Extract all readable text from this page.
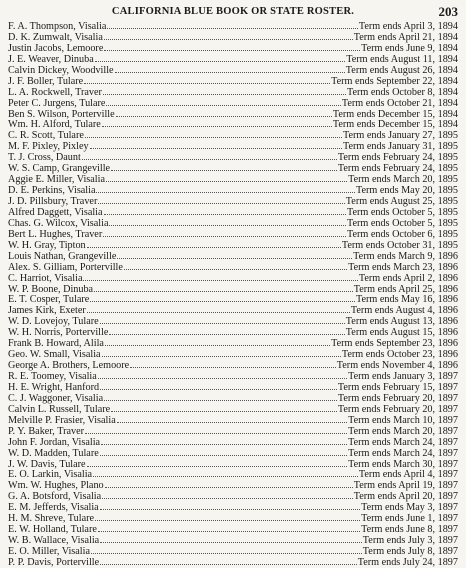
CALIFORNIA BLUE BOOK OR STATE ROSTER.	203
F. A. Thompson, Visalia	Term ends April 3, 1894
D. K. Zumwalt, Visalia	Term ends April 21, 1894
Justin Jacobs, Lemoore	Term ends June 9, 1894
J. E. Weaver, Dinuba	Term ends August 11, 1894
Calvin Dickey, Woodville	Term ends August 26, 1894
J. F. Boller, Tulare	Term ends September 22, 1894
L. A. Rockwell, Traver	Term ends October 8, 1894
Peter C. Jurgens, Tulare	Term ends October 21, 1894
Ben S. Wilson, Porterville	Term ends December 15, 1894
Wm. H. Alford, Tulare	Term ends December 15, 1894
C. R. Scott, Tulare	Term ends January 27, 1895
M. F. Pixley, Pixley	Term ends January 31, 1895
T. J. Cross, Daunt	Term ends February 24, 1895
W. S. Camp, Grangeville	Term ends February 24, 1895
Aggie E. Miller, Visalia	Term ends March 20, 1895
D. E. Perkins, Visalia	Term ends May 20, 1895
J. D. Pillsbury, Traver	Term ends August 25, 1895
Alfred Daggett, Visalia	Term ends October 5, 1895
Chas. G. Wilcox, Visalia	Term ends October 5, 1895
Bert L. Hughes, Traver	Term ends October 6, 1895
W. H. Gray, Tipton	Term ends October 31, 1895
Louis Nathan, Grangeville	Term ends March 9, 1896
Alex. S. Gilliam, Porterville	Term ends March 23, 1896
C. Harriot, Visalia	Term ends April 2, 1896
W. P. Boone, Dinuba	Term ends April 25, 1896
E. T. Cosper, Tulare	Term ends May 16, 1896
James Kirk, Exeter	Term ends August 4, 1896
W. D. Lovejoy, Tulare	Term ends August 13, 1896
W. H. Norris, Porterville	Term ends August 15, 1896
Frank B. Howard, Alila	Term ends September 23, 1896
Geo. W. Small, Visalia	Term ends October 23, 1896
George A. Brothers, Lemoore	Term ends November 4, 1896
R. E. Toomey, Visalia	Term ends January 3, 1897
H. E. Wright, Hanford	Term ends February 15, 1897
C. J. Waggoner, Visalia	Term ends February 20, 1897
Calvin L. Russell, Tulare	Term ends February 20, 1897
Melville P. Frasier, Visalia	Term ends March 10, 1897
P. Y. Baker, Traver	Term ends March 20, 1897
John F. Jordan, Visalia	Term ends March 24, 1897
W. D. Madden, Tulare	Term ends March 24, 1897
J. W. Davis, Tulare	Term ends March 30, 1897
E. O. Larkin, Visalia	Term ends April 4, 1897
Wm. W. Hughes, Plano	Term ends April 19, 1897
G. A. Botsford, Visalia	Term ends April 20, 1897
E. M. Jefferds, Visalia	Term ends May 3, 1897
H. M. Shreve, Tulare	Term ends June 1, 1897
E. W. Holland, Tulare	Term ends June 8, 1897
W. B. Wallace, Visalia	Term ends July 3, 1897
E. O. Miller, Visalia	Term ends July 8, 1897
P. P. Davis, Porterville	Term ends July 24, 1897
